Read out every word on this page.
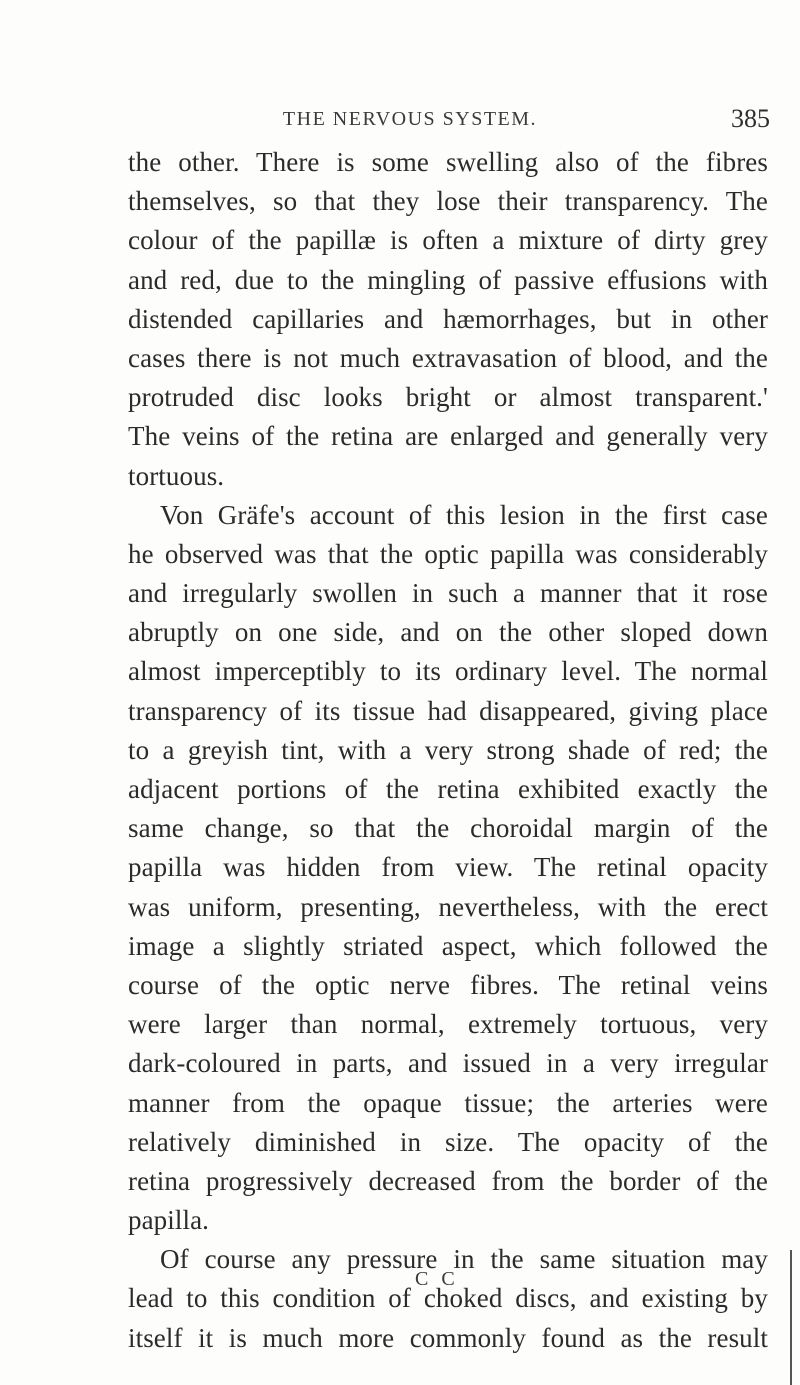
THE NERVOUS SYSTEM.	385
the other. There is some swelling also of the fibres
themselves, so that they lose their transparency. The
colour of the papillæ is often a mixture of dirty grey
and red, due to the mingling of passive effusions with
distended capillaries and hæmorrhages, but in other
cases there is not much extravasation of blood, and the
protruded disc looks bright or almost transparent.'
The veins of the retina are enlarged and generally very
tortuous.
Von Gräfe's account of this lesion in the first case
he observed was that the optic papilla was considerably
and irregularly swollen in such a manner that it rose
abruptly on one side, and on the other sloped down
almost imperceptibly to its ordinary level. The normal
transparency of its tissue had disappeared, giving place
to a greyish tint, with a very strong shade of red; the
adjacent portions of the retina exhibited exactly the
same change, so that the choroidal margin of the
papilla was hidden from view. The retinal opacity
was uniform, presenting, nevertheless, with the erect
image a slightly striated aspect, which followed the
course of the optic nerve fibres. The retinal veins
were larger than normal, extremely tortuous, very
dark-coloured in parts, and issued in a very irregular
manner from the opaque tissue; the arteries were
relatively diminished in size. The opacity of the
retina progressively decreased from the border of the
papilla.
Of course any pressure in the same situation may
lead to this condition of choked discs, and existing by
itself it is much more commonly found as the result
C C
